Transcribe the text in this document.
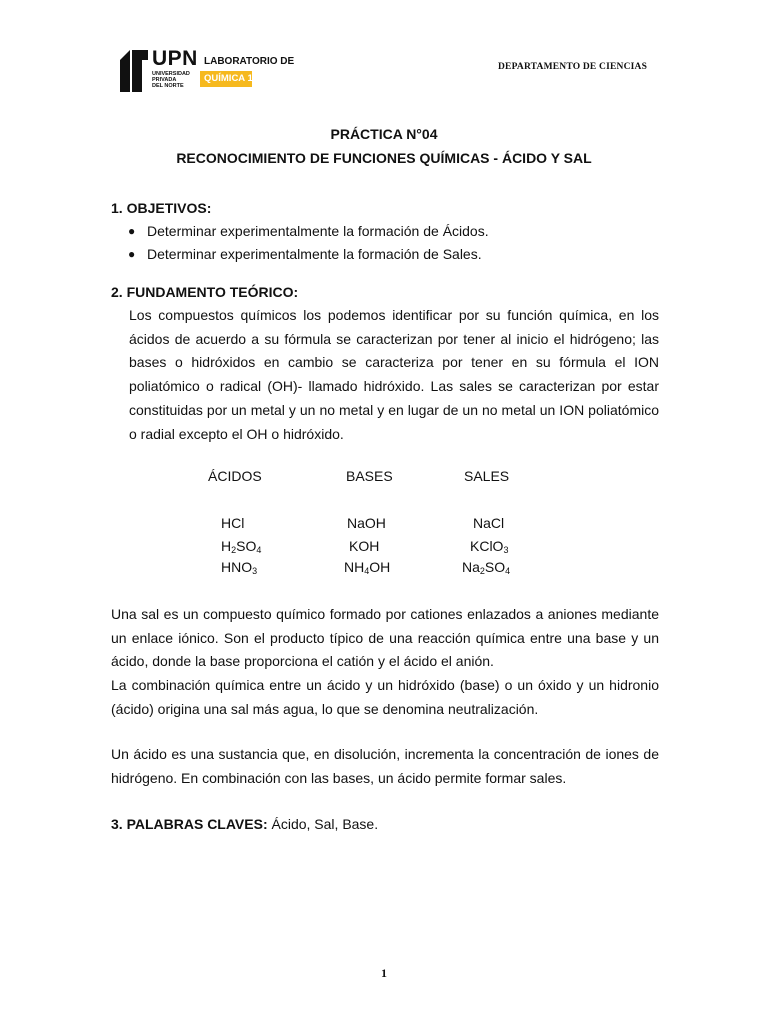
UPN
UNIVERSIDAD
PRIVADA
DEL NORTE
LABORATORIO DE
QUÍMICA 1
DEPARTAMENTO DE CIENCIAS
PRÁCTICA N°04
RECONOCIMIENTO DE FUNCIONES QUÍMICAS - ÁCIDO Y SAL
1. OBJETIVOS:
● Determinar experimentalmente la formación de Ácidos.
● Determinar experimentalmente la formación de Sales.
2. FUNDAMENTO TEÓRICO:
Los compuestos químicos los podemos identificar por su función química, en los ácidos de acuerdo a su fórmula se caracterizan por tener al inicio el hidrógeno; las bases o hidróxidos en cambio se caracteriza por tener en su fórmula el ION poliatómico o radical (OH)- llamado hidróxido. Las sales se caracterizan por estar constituidas por un metal y un no metal y en lugar de un no metal un ION poliatómico o radial excepto el OH o hidróxido.
ÁCIDOS	BASES	SALES
HCl
$H_2SO_4$
$HNO_3$
NaOH
KOH
$NH_4OH$
NaCl
KClO$_3$
$Na_2SO_4$
Una sal es un compuesto químico formado por cationes enlazados a aniones mediante un enlace iónico. Son el producto típico de una reacción química entre una base y un ácido, donde la base proporciona el catión y el ácido el anión.
La combinación química entre un ácido y un hidróxido (base) o un óxido y un hidronio (ácido) origina una sal más agua, lo que se denomina neutralización.
Un ácido es una sustancia que, en disolución, incrementa la concentración de iones de hidrógeno. En combinación con las bases, un ácido permite formar sales.
3. PALABRAS CLAVES: Ácido, Sal, Base.
1
